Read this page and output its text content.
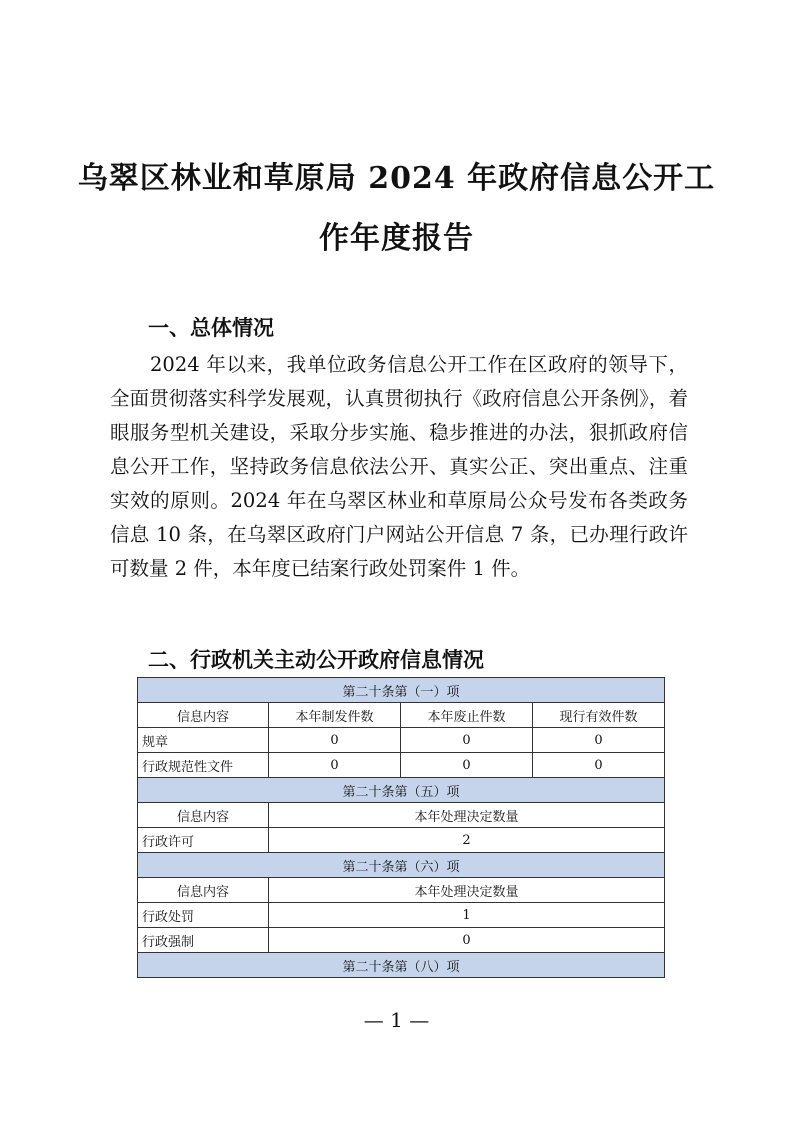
乌翠区林业和草原局 2024 年政府信息公开工
作年度报告
一、总体情况

2024 年以来，我单位政务信息公开工作在区政府的领导下，全面贯彻落实科学发展观，认真贯彻执行《政府信息公开条例》，着眼服务型机关建设，采取分步实施、稳步推进的办法，狠抓政府信息公开工作，坚持政务信息依法公开、真实公正、突出重点、注重实效的原则。2024 年在乌翠区林业和草原局公众号发布各类政务信息 10 条，在乌翠区政府门户网站公开信息 7 条，已办理行政许可数量 2 件，本年度已结案行政处罚案件 1 件。

二、行政机关主动公开政府信息情况
第二十条第（一）项			
信息内容	本年制发件数	本年废止件数	现行有效件数
规章	0	0	0
行政规范性文件	0	0	0
第二十条第（五）项			
信息内容	本年处理决定数量		
行政许可	2		
第二十条第（六）项			
信息内容	本年处理决定数量		
行政处罚	1		
行政强制	0		
第二十条第（八）项			

— 1 —
